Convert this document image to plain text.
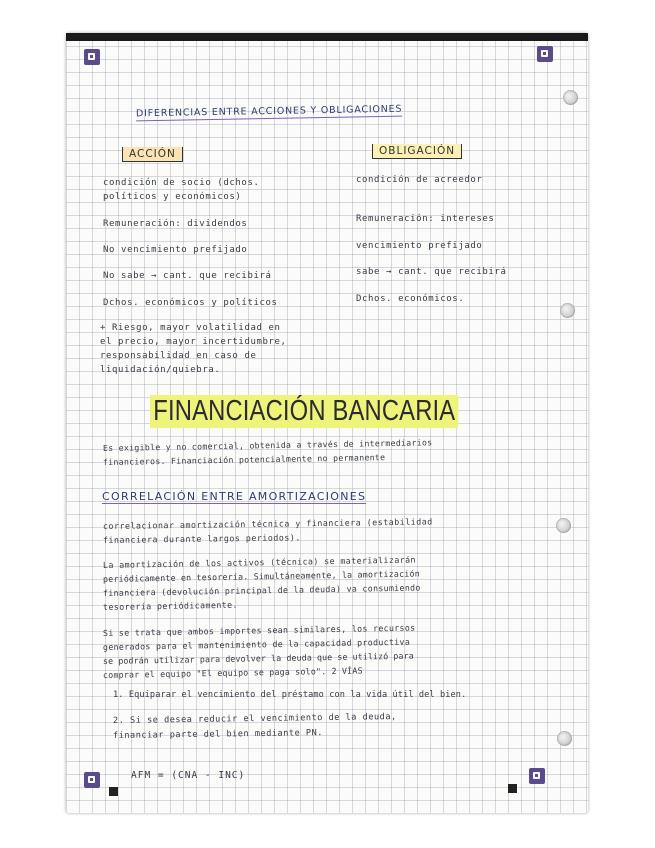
DIFERENCIAS ENTRE ACCIONES Y OBLIGACIONES
ACCIÓN	OBLIGACIÓN
condición de socio (dchos.
políticos y económicos)
Remuneración: dividendos
No vencimiento prefijado
No sabe → cant. que recibirá
Dchos. económicos y políticos
+ Riesgo, mayor volatilidad en
el precio, mayor incertidumbre,
responsabilidad en caso de
liquidación/quiebra.
condición de acreedor
Remuneración: intereses
vencimiento prefijado
sabe → cant. que recibirá
Dchos. económicos.
FINANCIACIÓN BANCARIA
Es exigible y no comercial, obtenida a través de intermediarios
financieros. Financiación potencialmente no permanente
CORRELACIÓN ENTRE AMORTIZACIONES
correlacionar amortización técnica y financiera (estabilidad
financiera durante largos periodos).
La amortización de los activos (técnica) se materializarán
periódicamente en tesorería. Simultáneamente, la amortización
financiera (devolución principal de la deuda) va consumiendo
tesorería periódicamente.
Si se trata que ambos importes sean similares, los recursos
generados para el mantenimiento de la capacidad productiva
se podrán utilizar para devolver la deuda que se utilizó para
comprar el equipo "El equipo se paga solo". 2 VÍAS
1. Equiparar el vencimiento del préstamo con la vida útil del bien.
2. Si se desea reducir el vencimiento de la deuda,
financiar parte del bien mediante PN.
AFM = (CNA - INC)
